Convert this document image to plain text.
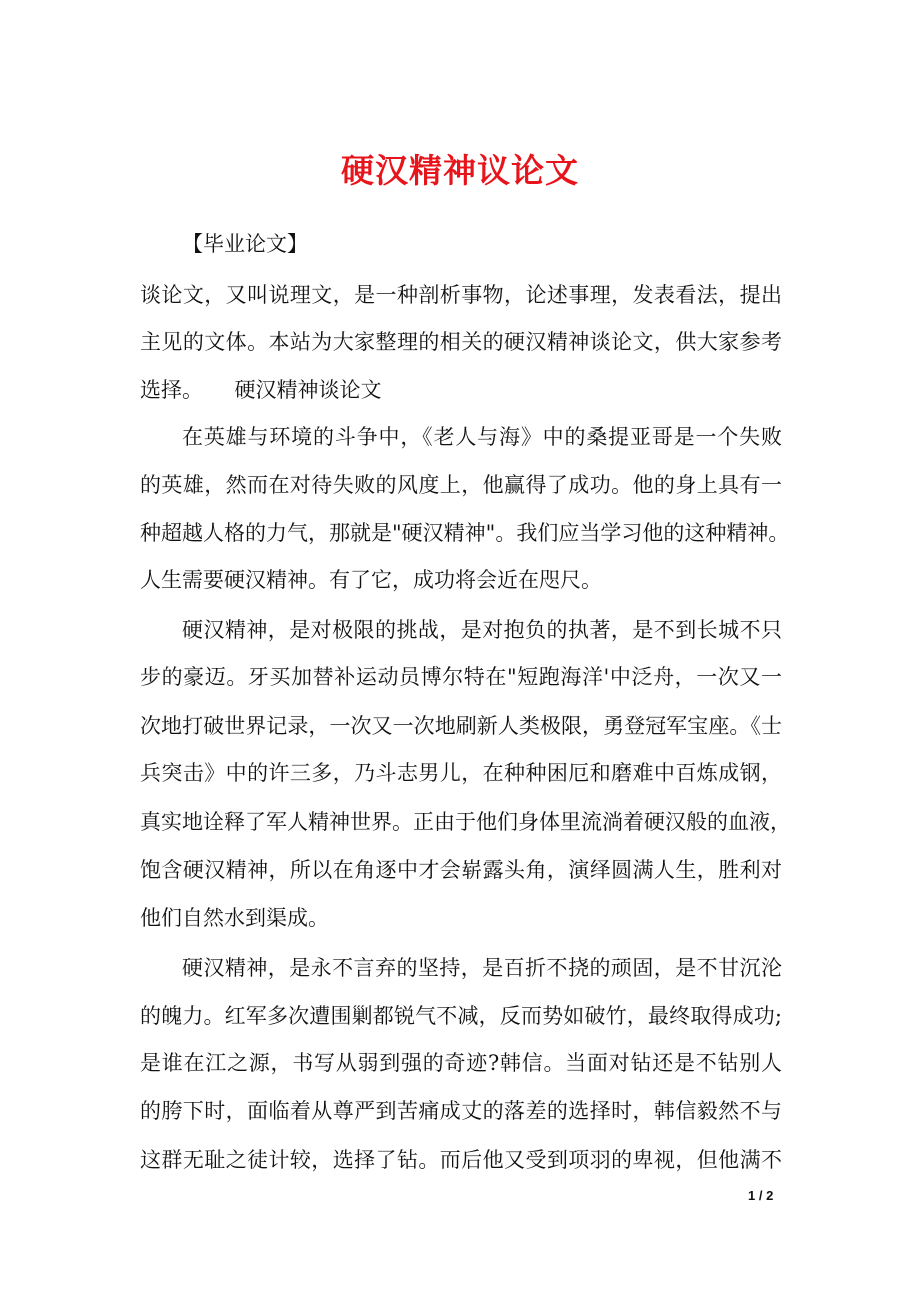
硬汉精神议论文
【毕业论文】
谈论文，又叫说理文，是一种剖析事物，论述事理，发表看法，提出
主见的文体。本站为大家整理的相关的硬汉精神谈论文，供大家参考
选择。　　硬汉精神谈论文
在英雄与环境的斗争中，《老人与海》中的桑提亚哥是一个失败
的英雄，然而在对待失败的风度上，他赢得了成功。他的身上具有一
种超越人格的力气，那就是"硬汉精神"。我们应当学习他的这种精神。
人生需要硬汉精神。有了它，成功将会近在咫尺。
硬汉精神，是对极限的挑战，是对抱负的执著，是不到长城不只
步的豪迈。牙买加替补运动员博尔特在"短跑海洋'中泛舟，一次又一
次地打破世界记录，一次又一次地刷新人类极限，勇登冠军宝座。《士
兵突击》中的许三多，乃斗志男儿，在种种困厄和磨难中百炼成钢，
真实地诠释了军人精神世界。正由于他们身体里流淌着硬汉般的血液，
饱含硬汉精神，所以在角逐中才会崭露头角，演绎圆满人生，胜利对
他们自然水到渠成。
硬汉精神，是永不言弃的坚持，是百折不挠的顽固，是不甘沉沦
的魄力。红军多次遭围剿都锐气不减，反而势如破竹，最终取得成功;
是谁在江之源，书写从弱到强的奇迹?韩信。当面对钻还是不钻别人
的胯下时，面临着从尊严到苦痛成丈的落差的选择时，韩信毅然不与
这群无耻之徒计较，选择了钻。而后他又受到项羽的卑视，但他满不
1 / 2
